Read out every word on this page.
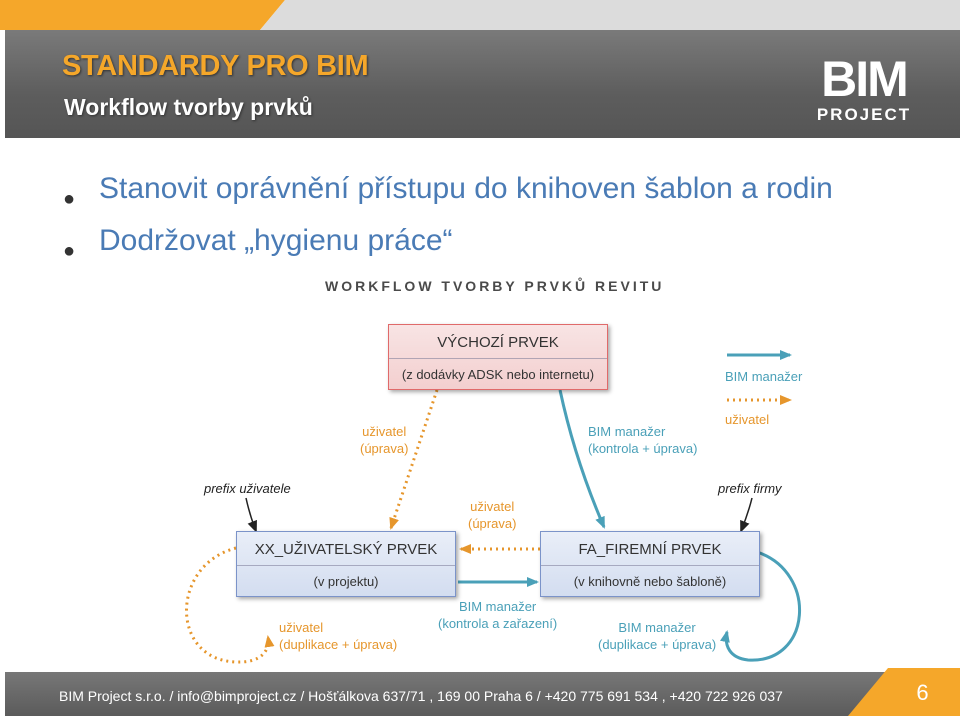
STANDARDY PRO BIM
Workflow tvorby prvků	BIM
PROJECT
● Stanovit oprávnění přístupu do knihoven šablon a rodin
● Dodržovat „hygienu práce“
WORKFLOW TVORBY PRVKŮ REVITU
BIM manažer
uživatel
VÝCHOZÍ PRVEK
(z dodávky ADSK nebo internetu)
uživatel
(úprava)
BIM manažer
(kontrola + úprava)
prefix uživatele	prefix firmy
uživatel
(úprava)
XX_UŽIVATELSKÝ PRVEK
(v projektu)
FA_FIREMNÍ PRVEK
(v knihovně nebo šabloně)
BIM manažer
(kontrola a zařazení)
uživatel
(duplikace + úprava)
BIM manažer
(duplikace + úprava)
BIM Project s.r.o. / info@bimproject.cz / Hošťálkova 637/71 , 169 00 Praha 6 / +420 775 691 534 , +420 722 926 037	6
